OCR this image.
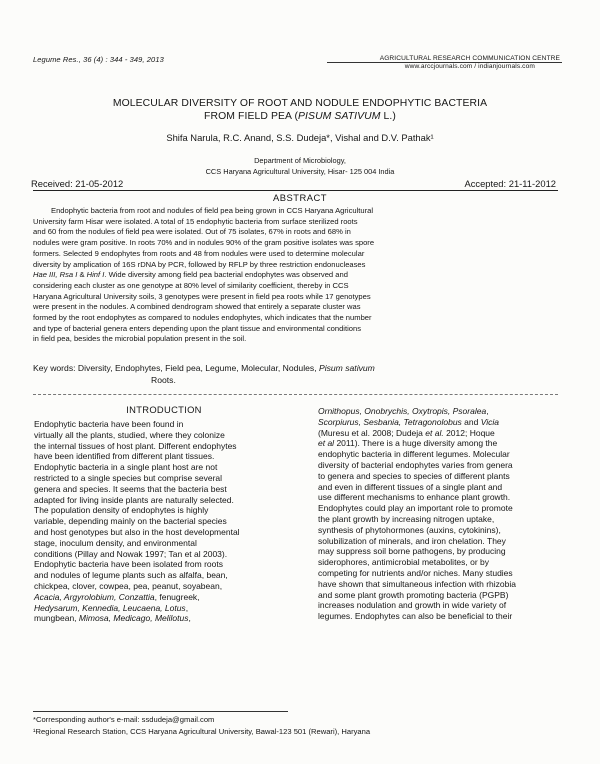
Legume Res., 36 (4) : 344 - 349, 2013	AGRICULTURAL RESEARCH COMMUNICATION CENTRE
www.arccjournals.com / indianjournals.com
MOLECULAR DIVERSITY OF ROOT AND NODULE ENDOPHYTIC BACTERIA
FROM FIELD PEA (PISUM SATIVUM L.)
Shifa Narula, R.C. Anand, S.S. Dudeja*, Vishal and D.V. Pathak¹
Department of Microbiology,
CCS Haryana Agricultural University, Hisar- 125 004 India
Received: 21-05-2012	Accepted: 21-11-2012
ABSTRACT
Endophytic bacteria from root and nodules of field pea being grown in CCS Haryana Agricultural
University farm Hisar were isolated. A total of 15 endophytic bacteria from surface sterilized roots
and 60 from the nodules of field pea were isolated. Out of 75 isolates, 67% in roots and 68% in
nodules were gram positive. In roots 70% and in nodules 90% of the gram positive isolates was spore
formers. Selected 9 endophytes from roots and 48 from nodules were used to determine molecular
diversity by amplication of 16S rDNA by PCR, followed by RFLP by three restriction endonucleases
Hae III, Rsa I & Hinf I. Wide diversity among field pea bacterial endophytes was observed and
considering each cluster as one genotype at 80% level of similarity coefficient, thereby in CCS
Haryana Agricultural University soils, 3 genotypes were present in field pea roots while 17 genotypes
were present in the nodules. A combined dendrogram showed that entirely a separate cluster was
formed by the root endophytes as compared to nodules endophytes, which indicates that the number
and type of bacterial genera enters depending upon the plant tissue and environmental conditions
in field pea, besides the microbial population present in the soil.
Key words: Diversity, Endophytes, Field pea, Legume, Molecular, Nodules, Pisum sativum
Roots.
INTRODUCTION
Endophytic bacteria have been found in
virtually all the plants, studied, where they colonize
the internal tissues of host plant. Different endophytes
have been identified from different plant tissues.
Endophytic bacteria in a single plant host are not
restricted to a single species but comprise several
genera and species. It seems that the bacteria best
adapted for living inside plants are naturally selected.
The population density of endophytes is highly
variable, depending mainly on the bacterial species
and host genotypes but also in the host developmental
stage, inoculum density, and environmental
conditions (Pillay and Nowak 1997; Tan et al 2003).
Endophytic bacteria have been isolated from roots
and nodules of legume plants such as alfalfa, bean,
chickpea, clover, cowpea, pea, peanut, soyabean,
Acacia, Argyrolobium, Conzattia, fenugreek,
Hedysarum, Kennedia, Leucaena, Lotus,
mungbean, Mimosa, Medicago, Melilotus,
Ornithopus, Onobrychis, Oxytropis, Psoralea,
Scorpiurus, Sesbania, Tetragonolobus and Vicia
(Muresu et al. 2008; Dudeja et al. 2012; Hoque
et al 2011). There is a huge diversity among the
endophytic bacteria in different legumes. Molecular
diversity of bacterial endophytes varies from genera
to genera and species to species of different plants
and even in different tissues of a single plant and
use different mechanisms to enhance plant growth.
Endophytes could play an important role to promote
the plant growth by increasing nitrogen uptake,
synthesis of phytohormones (auxins, cytokinins),
solubilization of minerals, and iron chelation. They
may suppress soil borne pathogens, by producing
siderophores, antimicrobial metabolites, or by
competing for nutrients and/or niches. Many studies
have shown that simultaneous infection with rhizobia
and some plant growth promoting bacteria (PGPB)
increases nodulation and growth in wide variety of
legumes. Endophytes can also be beneficial to their
*Corresponding author's e-mail: ssdudeja@gmail.com
¹Regional Research Station, CCS Haryana Agricultural University, Bawal-123 501 (Rewari), Haryana
